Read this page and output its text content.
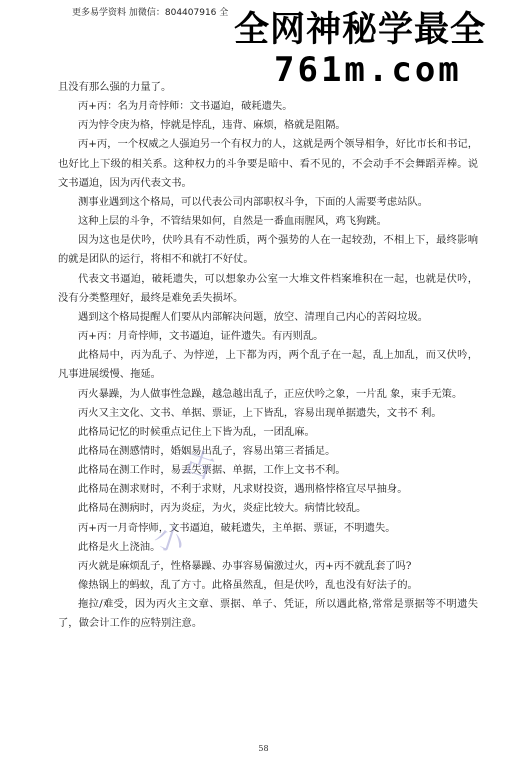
更多易学资料 加微信：804407916 全 全网神秘学最全
761m.com

且没有那么强的力量了。

丙+丙：名为月奇悖师：文书逼迫，破耗遗失。

丙为悖令庚为格，悖就是悖乱，违背、麻烦，格就是阻隔。

丙+丙，一个权威之人强迫另一个有权力的人，这就是两个领导相争，好比市长和书记，也好比上下级的相关系。这种权力的斗争要是暗中、看不见的，不会动手不会舞蹈弄棒。说文书逼迫，因为丙代表文书。

测事业遇到这个格局，可以代表公司内部职权斗争，下面的人需要考虑站队。

这种上层的斗争，不管结果如何，自然是一番血雨腥风，鸡飞狗跳。

因为这也是伏吟，伏吟具有不动性质，两个强势的人在一起较劲，不相上下，最终影响的就是团队的运行，将相不和就打不好仗。

代表文书逼迫，破耗遗失，可以想象办公室一大堆文件档案堆积在一起，也就是伏吟，没有分类整理好，最终是难免丢失损坏。

遇到这个格局提醒人们要从内部解决问题，放空、清理自己内心的苦闷垃圾。

丙+丙：月奇悖师，文书逼迫，证件遗失。有丙则乱。

此格局中，丙为乱子、为悖逆，上下都为丙，两个乱子在一起，乱上加乱，而又伏吟， 凡事进展缓慢、拖延。

丙火暴躁，为人做事性急躁，越急越出乱子，正应伏吟之象，一片乱 象，束手无策。

丙火又主文化、文书、单据、票证，上下皆乱，容易出现单据遗失，文书不 利。

此格局记忆的时候重点记住上下皆为乱，一团乱麻。

此格局在测感情时，婚姻易出乱子，容易出第三者插足。

此格局在测工作时，易丢失票据、单据，工作上文书不利。

此格局在测求财时，不利于求财，凡求财投资，遇刑格悖格宜尽早抽身。

此格局在测病时，丙为炎症，为火，炎症比较大。病情比较乱。

丙+丙一月奇悖师，文书逼迫，破耗遗失，主单据、票证，不明遗失。

此格是火上浇油。

丙火就是麻烦乱子，性格暴躁、办事容易偏激过火，丙+丙不就乱套了吗?

像热锅上的蚂蚁，乱了方寸。此格虽然乱，但是伏吟，乱也没有好法子的。

拖拉/难受，因为丙火主文章、票据、单子、凭证，所以遇此格,常常是票据等不明遗失了，做会计工作的应特别注意。

古
小
58
